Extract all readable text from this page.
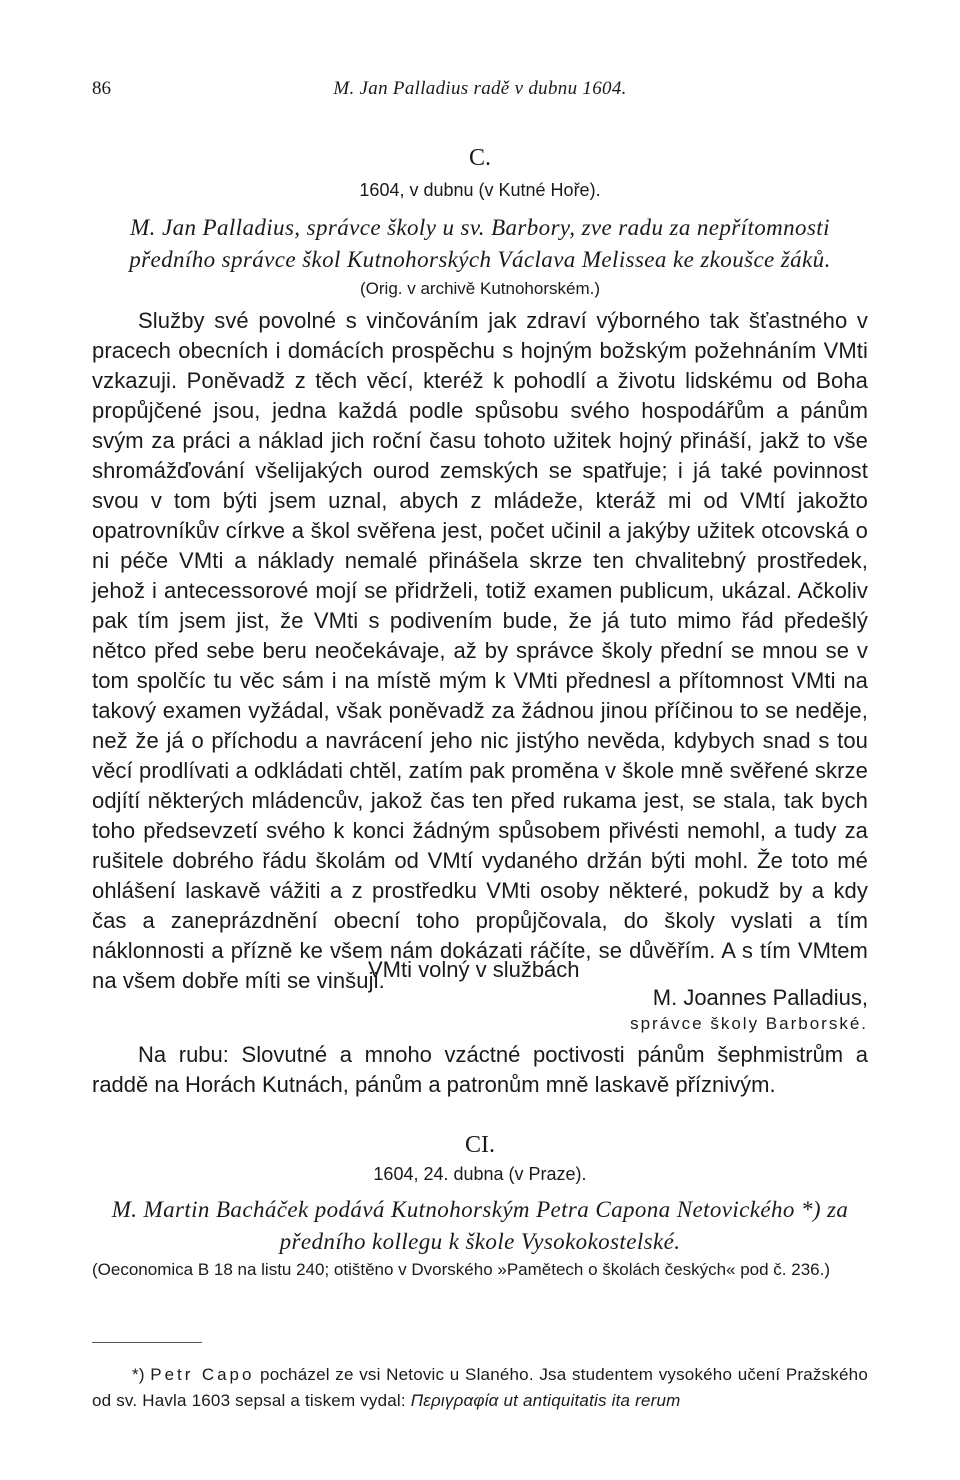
86	M. Jan Palladius radě v dubnu 1604.
C.
1604, v dubnu (v Kutné Hoře).
M. Jan Palladius, správce školy u sv. Barbory, zve radu za nepřítomnosti předního správce škol Kutnohorských Václava Melissea ke zkoušce žáků.
(Orig. v archivě Kutnohorském.)

Služby své povolné s vinčováním jak zdraví výborného tak šťastného v pracech obecních i domácích prospěchu s hojným božským požehnáním VMti vzkazuji. Poněvadž z těch věcí, kteréž k pohodlí a životu lidskému od Boha propůjčené jsou, jedna každá podle spůsobu svého hospodářům a pánům svým za práci a náklad jich roční času tohoto užitek hojný přináší, jakž to vše shromážďování všelijakých ourod zemských se spatřuje; i já také povinnost svou v tom býti jsem uznal, abych z mládeže, kteráž mi od VMtí jakožto opatrovníkův církve a škol svěřena jest, počet učinil a jakýby užitek otcovská o ni péče VMti a náklady nemalé přinášela skrze ten chvalitebný prostředek, jehož i antecessorové mojí se přidrželi, totiž examen publicum, ukázal. Ačkoliv pak tím jsem jist, že VMti s podivením bude, že já tuto mimo řád předešlý nětco před sebe beru neočekávaje, až by správce školy přední se mnou se v tom spolčíc tu věc sám i na místě mým k VMti přednesl a přítomnost VMti na takový examen vyžádal, však poněvadž za žádnou jinou příčinou to se neděje, než že já o příchodu a navrácení jeho nic jistýho nevěda, kdybych snad s tou věcí prodlívati a odkládati chtěl, zatím pak proměna v škole mně svěřené skrze odjítí některých mládencův, jakož čas ten před rukama jest, se stala, tak bych toho předsevzetí svého k konci žádným spůsobem přivésti nemohl, a tudy za rušitele dobrého řádu školám od VMtí vydaného držán býti mohl. Že toto mé ohlášení laskavě vážiti a z prostředku VMti osoby některé, pokudž by a kdy čas a zaneprázdnění obecní toho propůjčovala, do školy vyslati a tím náklonnosti a přízně ke všem nám dokázati ráčíte, se důvěřím. A s tím VMtem na všem dobře míti se vinšuji.

VMti volný v službách
M. Joannes Palladius,
správce školy Barborské.

Na rubu: Slovutné a mnoho vzáctné poctivosti pánům šephmistrům a raddě na Horách Kutnách, pánům a patronům mně laskavě příznivým.

CI.
1604, 24. dubna (v Praze).
M. Martin Bacháček podává Kutnohorským Petra Capona Netovického *) za předního kollegu k škole Vysokokostelské.
(Oeconomica B 18 na listu 240; otištěno v Dvorského »Pamětech o školách českých« pod č. 236.)

*) Petr Capo pocházel ze vsi Netovic u Slaného. Jsa studentem vysokého učení Pražského od sv. Havla 1603 sepsal a tiskem vydal: Περιγραφία ut antiquitatis ita rerum
